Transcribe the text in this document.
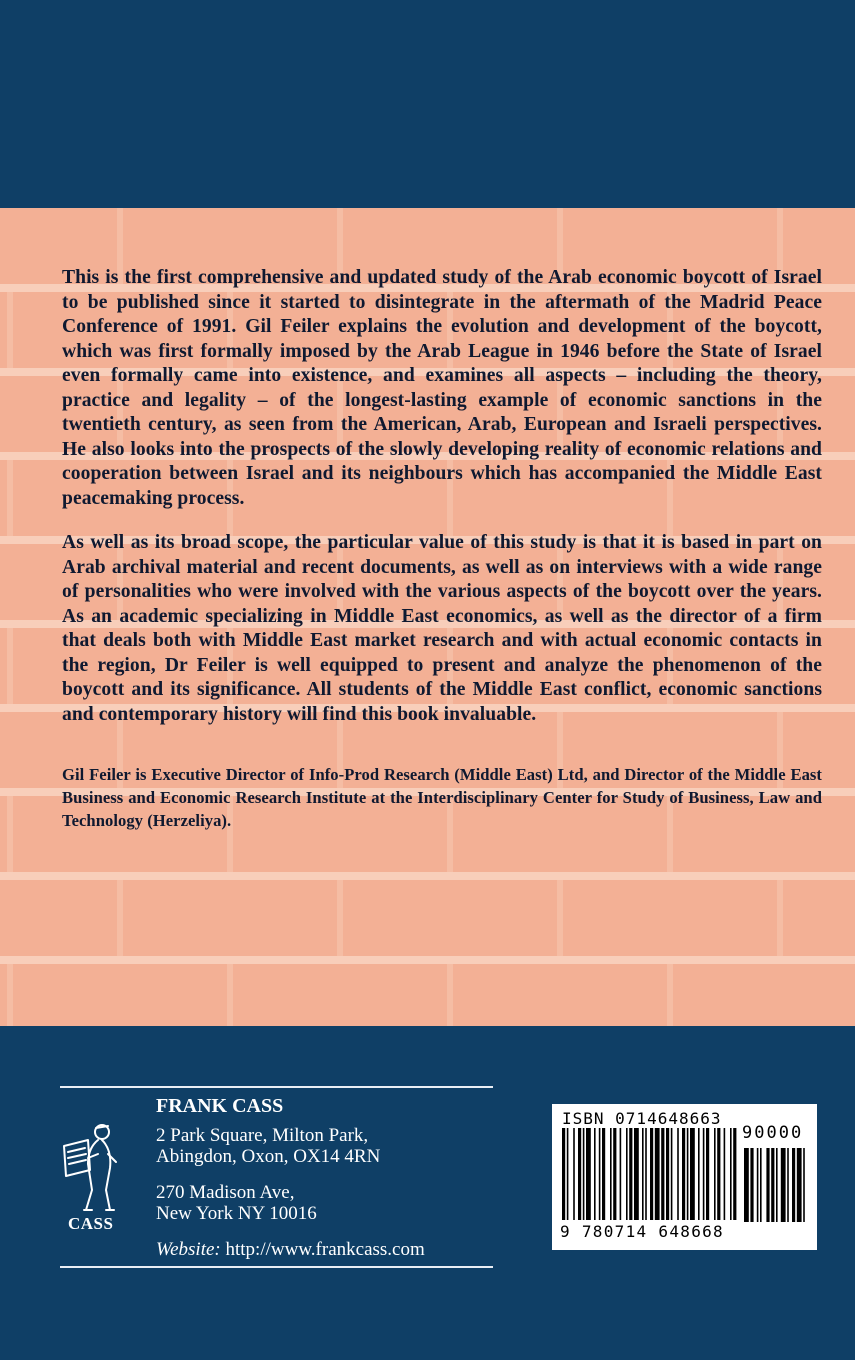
This is the first comprehensive and updated study of the Arab economic boycott of Israel to be published since it started to disintegrate in the aftermath of the Madrid Peace Conference of 1991. Gil Feiler explains the evolution and development of the boycott, which was first formally imposed by the Arab League in 1946 before the State of Israel even formally came into existence, and examines all aspects – including the theory, practice and legality – of the longest-lasting example of economic sanctions in the twentieth century, as seen from the American, Arab, European and Israeli perspectives. He also looks into the prospects of the slowly developing reality of economic relations and cooperation between Israel and its neighbours which has accompanied the Middle East peacemaking process.

As well as its broad scope, the particular value of this study is that it is based in part on Arab archival material and recent documents, as well as on interviews with a wide range of personalities who were involved with the various aspects of the boycott over the years. As an academic specializing in Middle East economics, as well as the director of a firm that deals both with Middle East market research and with actual economic contacts in the region, Dr Feiler is well equipped to present and analyze the phenomenon of the boycott and its significance. All students of the Middle East conflict, economic sanctions and contemporary history will find this book invaluable.

Gil Feiler is Executive Director of Info-Prod Research (Middle East) Ltd, and Director of the Middle East Business and Economic Research Institute at the Interdisciplinary Center for Study of Business, Law and Technology (Herzeliya).

CASS
FRANK CASS
2 Park Square, Milton Park,
Abingdon, Oxon, OX14 4RN
270 Madison Ave,
New York NY 10016
Website: http://www.frankcass.com
ISBN 0714648663
90000
9 780714 648668
